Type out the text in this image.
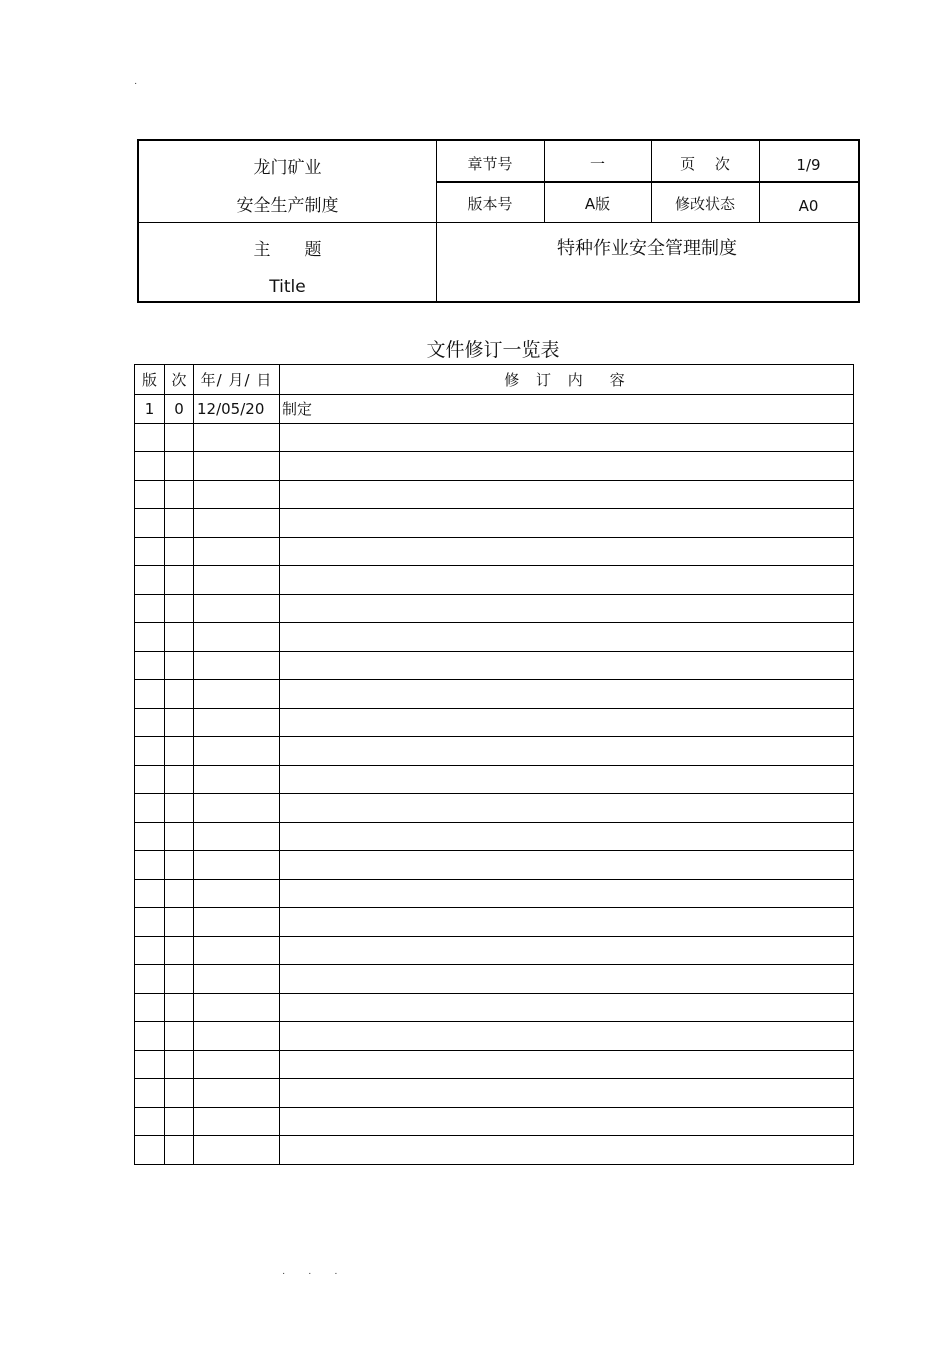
·
龙门矿业
安全生产制度
章节号	一	页　 次	1/9
版本号	A版	修改状态	A0
主　　题
Title
特种作业安全管理制度
文件修订一览表
版	次	年/ 月/ 日	修 订 内　容
1	0	12/05/20	制定

· · ·
